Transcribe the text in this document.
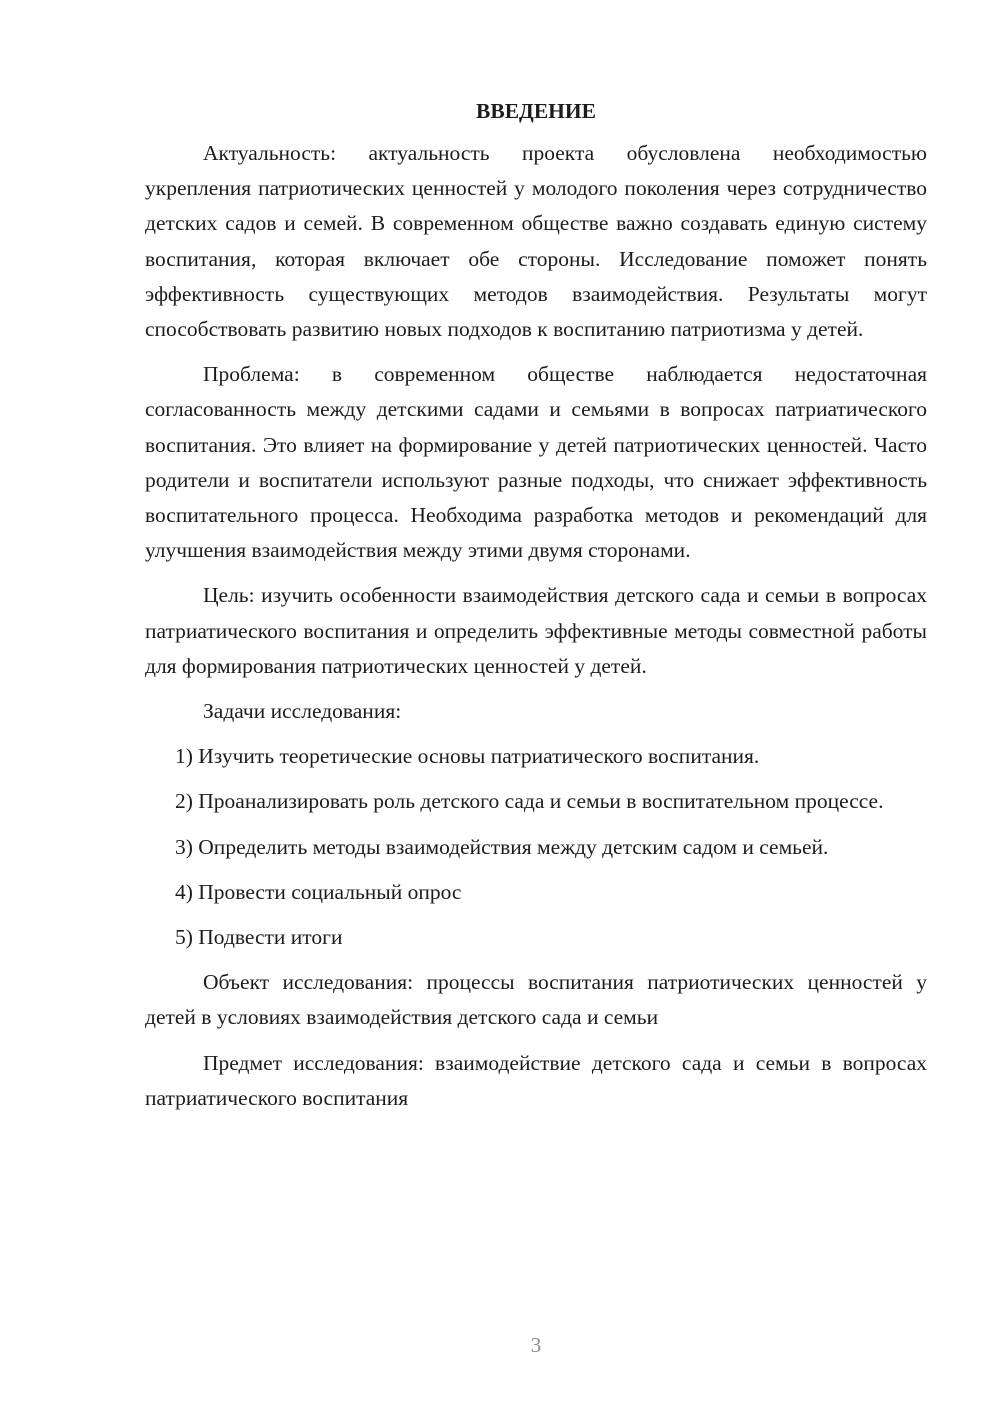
ВВЕДЕНИЕ

Актуальность: актуальность проекта обусловлена необходимостью укрепления патриотических ценностей у молодого поколения через сотрудничество детских садов и семей. В современном обществе важно создавать единую систему воспитания, которая включает обе стороны. Исследование поможет понять эффективность существующих методов взаимодействия. Результаты могут способствовать развитию новых подходов к воспитанию патриотизма у детей.

Проблема: в современном обществе наблюдается недостаточная согласованность между детскими садами и семьями в вопросах патриатического воспитания. Это влияет на формирование у детей патриотических ценностей. Часто родители и воспитатели используют разные подходы, что снижает эффективность воспитательного процесса. Необходима разработка методов и рекомендаций для улучшения взаимодействия между этими двумя сторонами.

Цель: изучить особенности взаимодействия детского сада и семьи в вопросах патриатического воспитания и определить эффективные методы совместной работы для формирования патриотических ценностей у детей.

Задачи исследования:

1) Изучить теоретические основы патриатического воспитания.
2) Проанализировать роль детского сада и семьи в воспитательном процессе.
3) Определить методы взаимодействия между детским садом и семьей.
4) Провести социальный опрос
5) Подвести итоги

Объект исследования: процессы воспитания патриотических ценностей у детей в условиях взаимодействия детского сада и семьи

Предмет исследования: взаимодействие детского сада и семьи в вопросах патриатического воспитания

3
